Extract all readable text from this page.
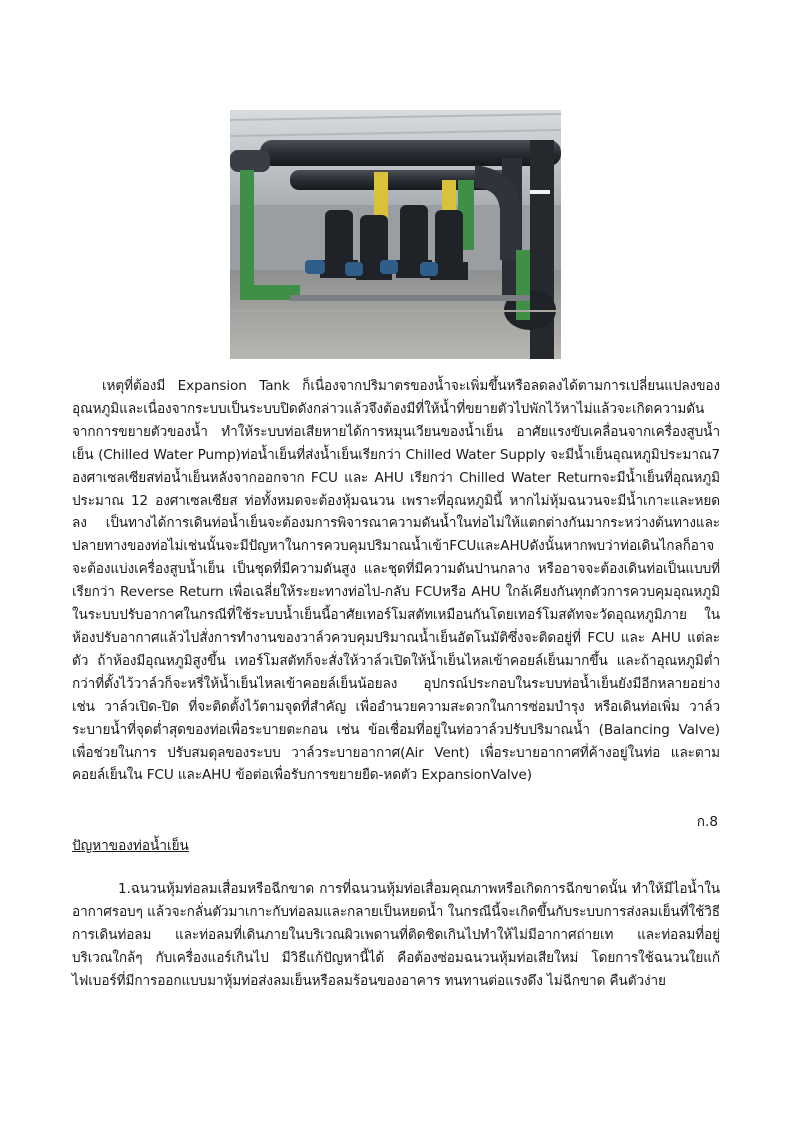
เหตุที่ต้องมี Expansion Tank ก็เนื่องจากปริมาตรของน้ำจะเพิ่มขึ้นหรือลดลงได้ตามการเปลี่ยนแปลงของอุณหภูมิและเนื่องจากระบบเป็นระบบปิดดังกล่าวแล้วจึงต้องมีที่ให้น้ำที่ขยายตัวไปพักไว้หาไม่แล้วจะเกิดความดัน จากการขยายตัวของน้ำ ทำให้ระบบท่อเสียหายได้การหมุนเวียนของน้ำเย็น อาศัยแรงขับเคลื่อนจากเครื่องสูบน้ำเย็น (Chilled Water Pump)ท่อน้ำเย็นที่ส่งน้ำเย็นเรียกว่า Chilled Water Supply จะมีน้ำเย็นอุณหภูมิประมาณ7 องศาเซลเซียสท่อน้ำเย็นหลังจากออกจาก FCU และ AHU เรียกว่า Chilled Water Returnจะมีน้ำเย็นที่อุณหภูมิ ประมาณ 12 องศาเซลเซียส ท่อทั้งหมดจะต้องหุ้มฉนวน เพราะที่อุณหภูมินี้ หากไม่หุ้มฉนวนจะมีน้ำเกาะและหยดลง เป็นทางได้การเดินท่อน้ำเย็นจะต้องมการพิจารณาความดันน้ำในท่อไม่ให้แตกต่างกันมากระหว่างต้นทางและปลายทางของท่อไม่เช่นนั้นจะมีปัญหาในการควบคุมปริมาณน้ำเข้าFCUและAHUดังนั้นหากพบว่าท่อเดินไกลก็อาจจะต้องแบ่งเครื่องสูบน้ำเย็น เป็นชุดที่มีความดันสูง และชุดที่มีความดันปานกลาง หรืออาจจะต้องเดินท่อเป็นแบบที่เรียกว่า Reverse Return เพื่อเฉลี่ยให้ระยะทางท่อไป-กลับ FCUหรือ AHU ใกล้เคียงกันทุกตัวการควบคุมอุณหภูมิในระบบปรับอากาศในกรณีที่ใช้ระบบน้ำเย็นนี้อาศัยเทอร์โมสตัทเหมือนกันโดยเทอร์โมสตัทจะวัดอุณหภูมิภาย ในห้องปรับอากาศแล้วไปสั่งการทำงานของวาล์วควบคุมปริมาณน้ำเย็นอัตโนมัติซึ่งจะติดอยู่ที่ FCU และ AHU แต่ละตัว ถ้าห้องมีอุณหภูมิสูงขึ้น เทอร์โมสตัทก็จะสั่งให้วาล์วเปิดให้น้ำเย็นไหลเข้าคอยล์เย็นมากขึ้น และถ้าอุณหภูมิต่ำกว่าที่ตั้งไว้วาล์วก็จะหรี่ให้น้ำเย็นไหลเข้าคอยล์เย็นน้อยลง อุปกรณ์ประกอบในระบบท่อน้ำเย็นยังมีอีกหลายอย่างเช่น วาล์วเปิด-ปิด ที่จะติดตั้งไว้ตามจุดที่สำคัญ เพื่ออำนวยความสะดวกในการซ่อมบำรุง หรือเดินท่อเพิ่ม วาล์วระบายน้ำที่จุดต่ำสุดของท่อเพื่อระบายตะกอน เช่น ข้อเชื่อมที่อยู่ในท่อวาล์วปรับปริมาณน้ำ (Balancing Valve) เพื่อช่วยในการ ปรับสมดุลของระบบ วาล์วระบายอากาศ(Air Vent) เพื่อระบายอากาศที่ค้างอยู่ในท่อ และตามคอยล์เย็นใน FCU และAHU ข้อต่อเพื่อรับการขยายยืด-หดตัว ExpansionValve)

ก.8
ปัญหาของท่อน้ำเย็น

1.ฉนวนหุ้มท่อลมเสื่อมหรือฉีกขาด การที่ฉนวนหุ้มท่อเสื่อมคุณภาพหรือเกิดการฉีกขาดนั้น ทำให้มีไอน้ำในอากาศรอบๆ แล้วจะกลั่นตัวมาเกาะกับท่อลมและกลายเป็นหยดน้ำ ในกรณีนี้จะเกิดขึ้นกับระบบการส่งลมเย็นที่ใช้วิธีการเดินท่อลม และท่อลมที่เดินภายในบริเวณผิวเพดานที่ติดชิดเกินไปทำให้ไม่มีอากาศถ่ายเท และท่อลมที่อยู่บริเวณใกล้ๆ กับเครื่องแอร์เกินไป มีวิธีแก้ปัญหานี้ได้ คือต้องซ่อมฉนวนหุ้มท่อเสียใหม่ โดยการใช้ฉนวนใยแก้ไฟเบอร์ที่มีการออกแบบมาหุ้มท่อส่งลมเย็นหรือลมร้อนของอาคาร ทนทานต่อแรงดึง ไม่ฉีกขาด คืนตัวง่าย
